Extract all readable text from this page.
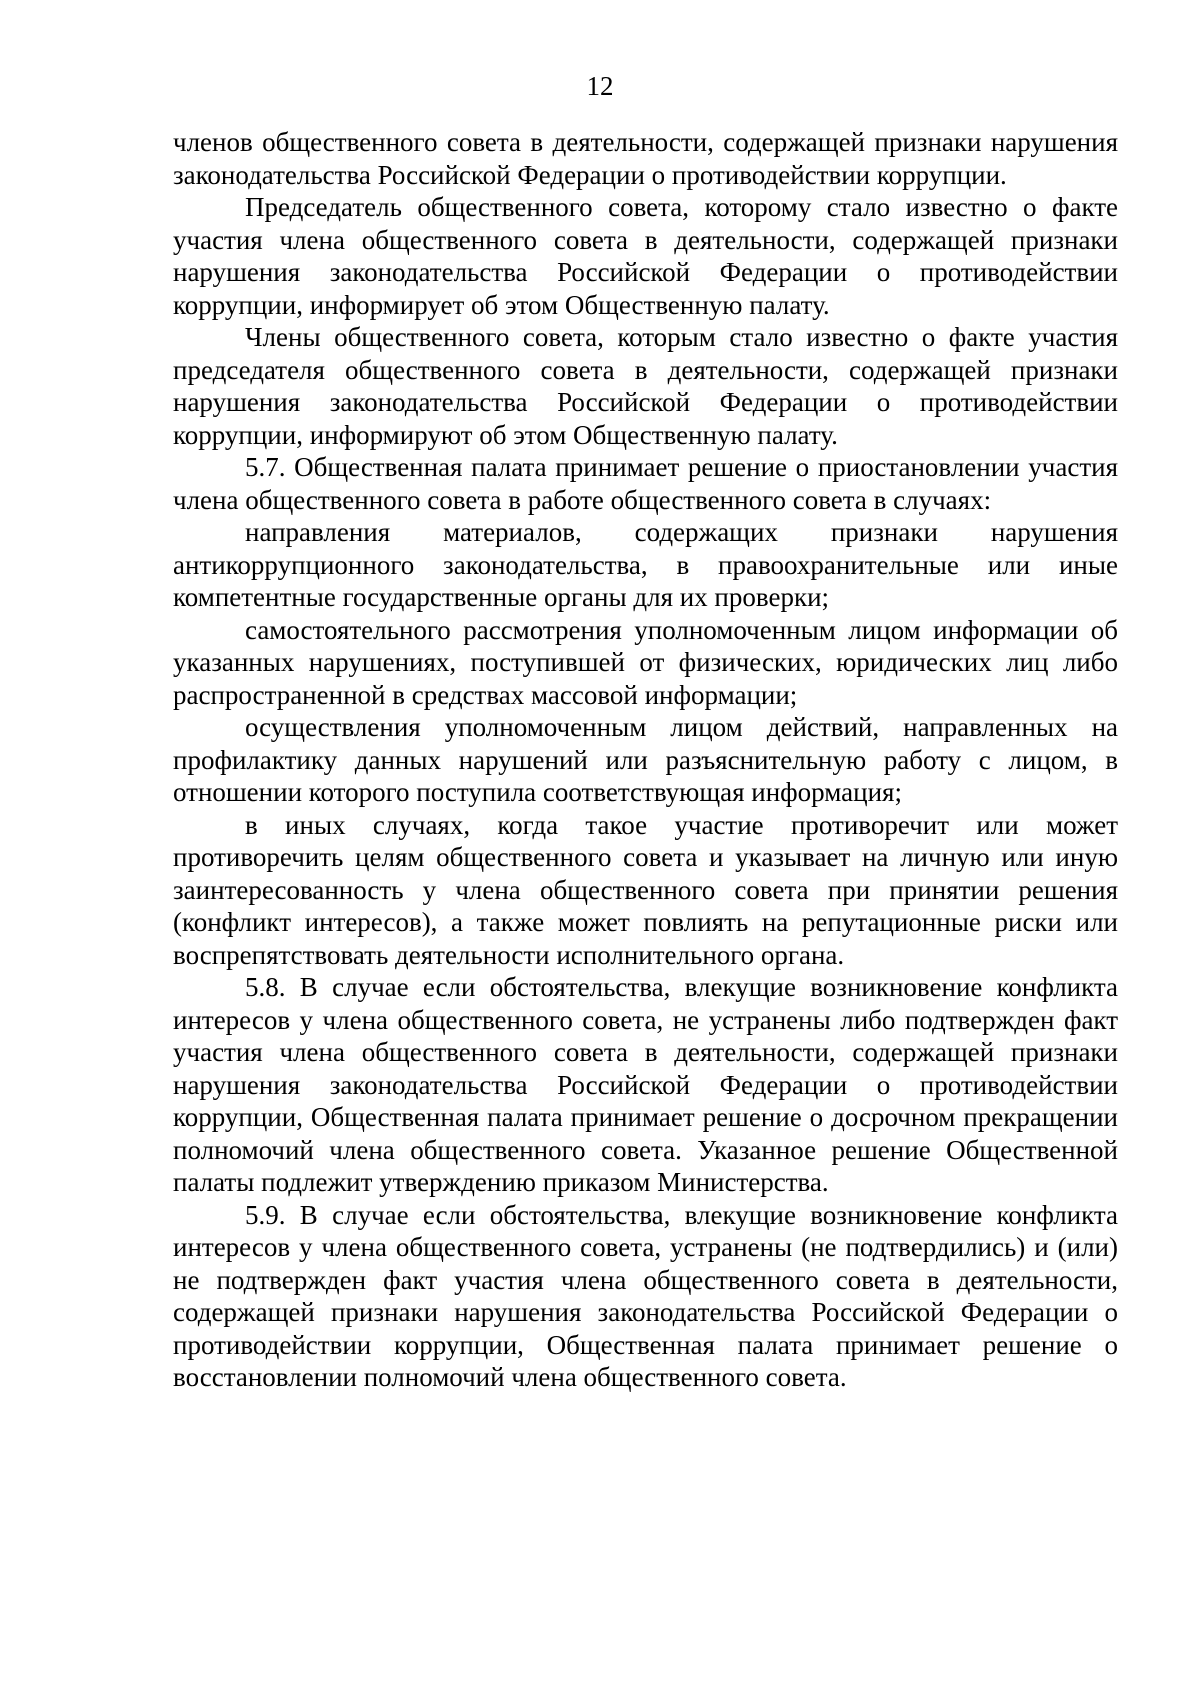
12

членов общественного совета в деятельности, содержащей признаки нарушения законодательства Российской Федерации о противодействии коррупции.

Председатель общественного совета, которому стало известно о факте участия члена общественного совета в деятельности, содержащей признаки нарушения законодательства Российской Федерации о противодействии коррупции, информирует об этом Общественную палату.

Члены общественного совета, которым стало известно о факте участия председателя общественного совета в деятельности, содержащей признаки нарушения законодательства Российской Федерации о противодействии коррупции, информируют об этом Общественную палату.

5.7. Общественная палата принимает решение о приостановлении участия члена общественного совета в работе общественного совета в случаях:

направления материалов, содержащих признаки нарушения антикоррупционного законодательства, в правоохранительные или иные компетентные государственные органы для их проверки;

самостоятельного рассмотрения уполномоченным лицом информации об указанных нарушениях, поступившей от физических, юридических лиц либо распространенной в средствах массовой информации;

осуществления уполномоченным лицом действий, направленных на профилактику данных нарушений или разъяснительную работу с лицом, в отношении которого поступила соответствующая информация;

в иных случаях, когда такое участие противоречит или может противоречить целям общественного совета и указывает на личную или иную заинтересованность у члена общественного совета при принятии решения (конфликт интересов), а также может повлиять на репутационные риски или воспрепятствовать деятельности исполнительного органа.

5.8. В случае если обстоятельства, влекущие возникновение конфликта интересов у члена общественного совета, не устранены либо подтвержден факт участия члена общественного совета в деятельности, содержащей признаки нарушения законодательства Российской Федерации о противодействии коррупции, Общественная палата принимает решение о досрочном прекращении полномочий члена общественного совета. Указанное решение Общественной палаты подлежит утверждению приказом Министерства.

5.9. В случае если обстоятельства, влекущие возникновение конфликта интересов у члена общественного совета, устранены (не подтвердились) и (или) не подтвержден факт участия члена общественного совета в деятельности, содержащей признаки нарушения законодательства Российской Федерации о противодействии коррупции, Общественная палата принимает решение о восстановлении полномочий члена общественного совета.
